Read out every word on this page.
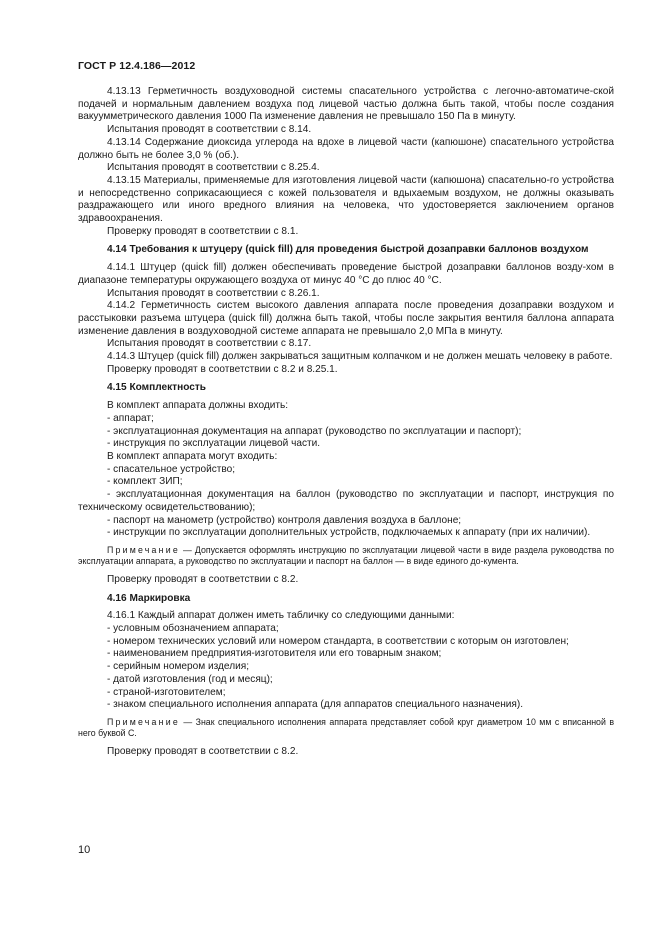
ГОСТ Р 12.4.186—2012

4.13.13 Герметичность воздуховодной системы спасательного устройства с легочно-автоматиче-ской подачей и нормальным давлением воздуха под лицевой частью должна быть такой, чтобы после создания вакуумметрического давления 1000 Па изменение давления не превышало 150 Па в минуту.

Испытания проводят в соответствии с 8.14.

4.13.14 Содержание диоксида углерода на вдохе в лицевой части (капюшоне) спасательного устройства должно быть не более 3,0 % (об.).

Испытания проводят в соответствии с 8.25.4.

4.13.15 Материалы, применяемые для изготовления лицевой части (капюшона) спасательно-го устройства и непосредственно соприкасающиеся с кожей пользователя и вдыхаемым воздухом, не должны оказывать раздражающего или иного вредного влияния на человека, что удостоверяется заключением органов здравоохранения.

Проверку проводят в соответствии с 8.1.

4.14 Требования к штуцеру (quick fill) для проведения быстрой дозаправки баллонов воздухом

4.14.1 Штуцер (quick fill) должен обеспечивать проведение быстрой дозаправки баллонов возду-хом в диапазоне температуры окружающего воздуха от минус 40 °С до плюс 40 °С.

Испытания проводят в соответствии с 8.26.1.

4.14.2 Герметичность систем высокого давления аппарата после проведения дозаправки воздухом и расстыковки разъема штуцера (quick fill) должна быть такой, чтобы после закрытия вентиля баллона аппарата изменение давления в воздуховодной системе аппарата не превышало 2,0 МПа в минуту.

Испытания проводят в соответствии с 8.17.

4.14.3 Штуцер (quick fill) должен закрываться защитным колпачком и не должен мешать человеку в работе.

Проверку проводят в соответствии с 8.2 и 8.25.1.

4.15 Комплектность

В комплект аппарата должны входить:

- аппарат;

- эксплуатационная документация на аппарат (руководство по эксплуатации и паспорт);

- инструкция по эксплуатации лицевой части.

В комплект аппарата могут входить:

- спасательное устройство;

- комплект ЗИП;

- эксплуатационная документация на баллон (руководство по эксплуатации и паспорт, инструкция по техническому освидетельствованию);

- паспорт на манометр (устройство) контроля давления воздуха в баллоне;

- инструкции по эксплуатации дополнительных устройств, подключаемых к аппарату (при их наличии).

Примечание — Допускается оформлять инструкцию по эксплуатации лицевой части в виде раздела руководства по эксплуатации аппарата, а руководство по эксплуатации и паспорт на баллон — в виде единого до-кумента.

Проверку проводят в соответствии с 8.2.

4.16 Маркировка

4.16.1 Каждый аппарат должен иметь табличку со следующими данными:

- условным обозначением аппарата;

- номером технических условий или номером стандарта, в соответствии с которым он изготовлен;

- наименованием предприятия-изготовителя или его товарным знаком;

- серийным номером изделия;

- датой изготовления (год и месяц);

- страной-изготовителем;

- знаком специального исполнения аппарата (для аппаратов специального назначения).

Примечание — Знак специального исполнения аппарата представляет собой круг диаметром 10 мм с вписанной в него буквой С.

Проверку проводят в соответствии с 8.2.

10
